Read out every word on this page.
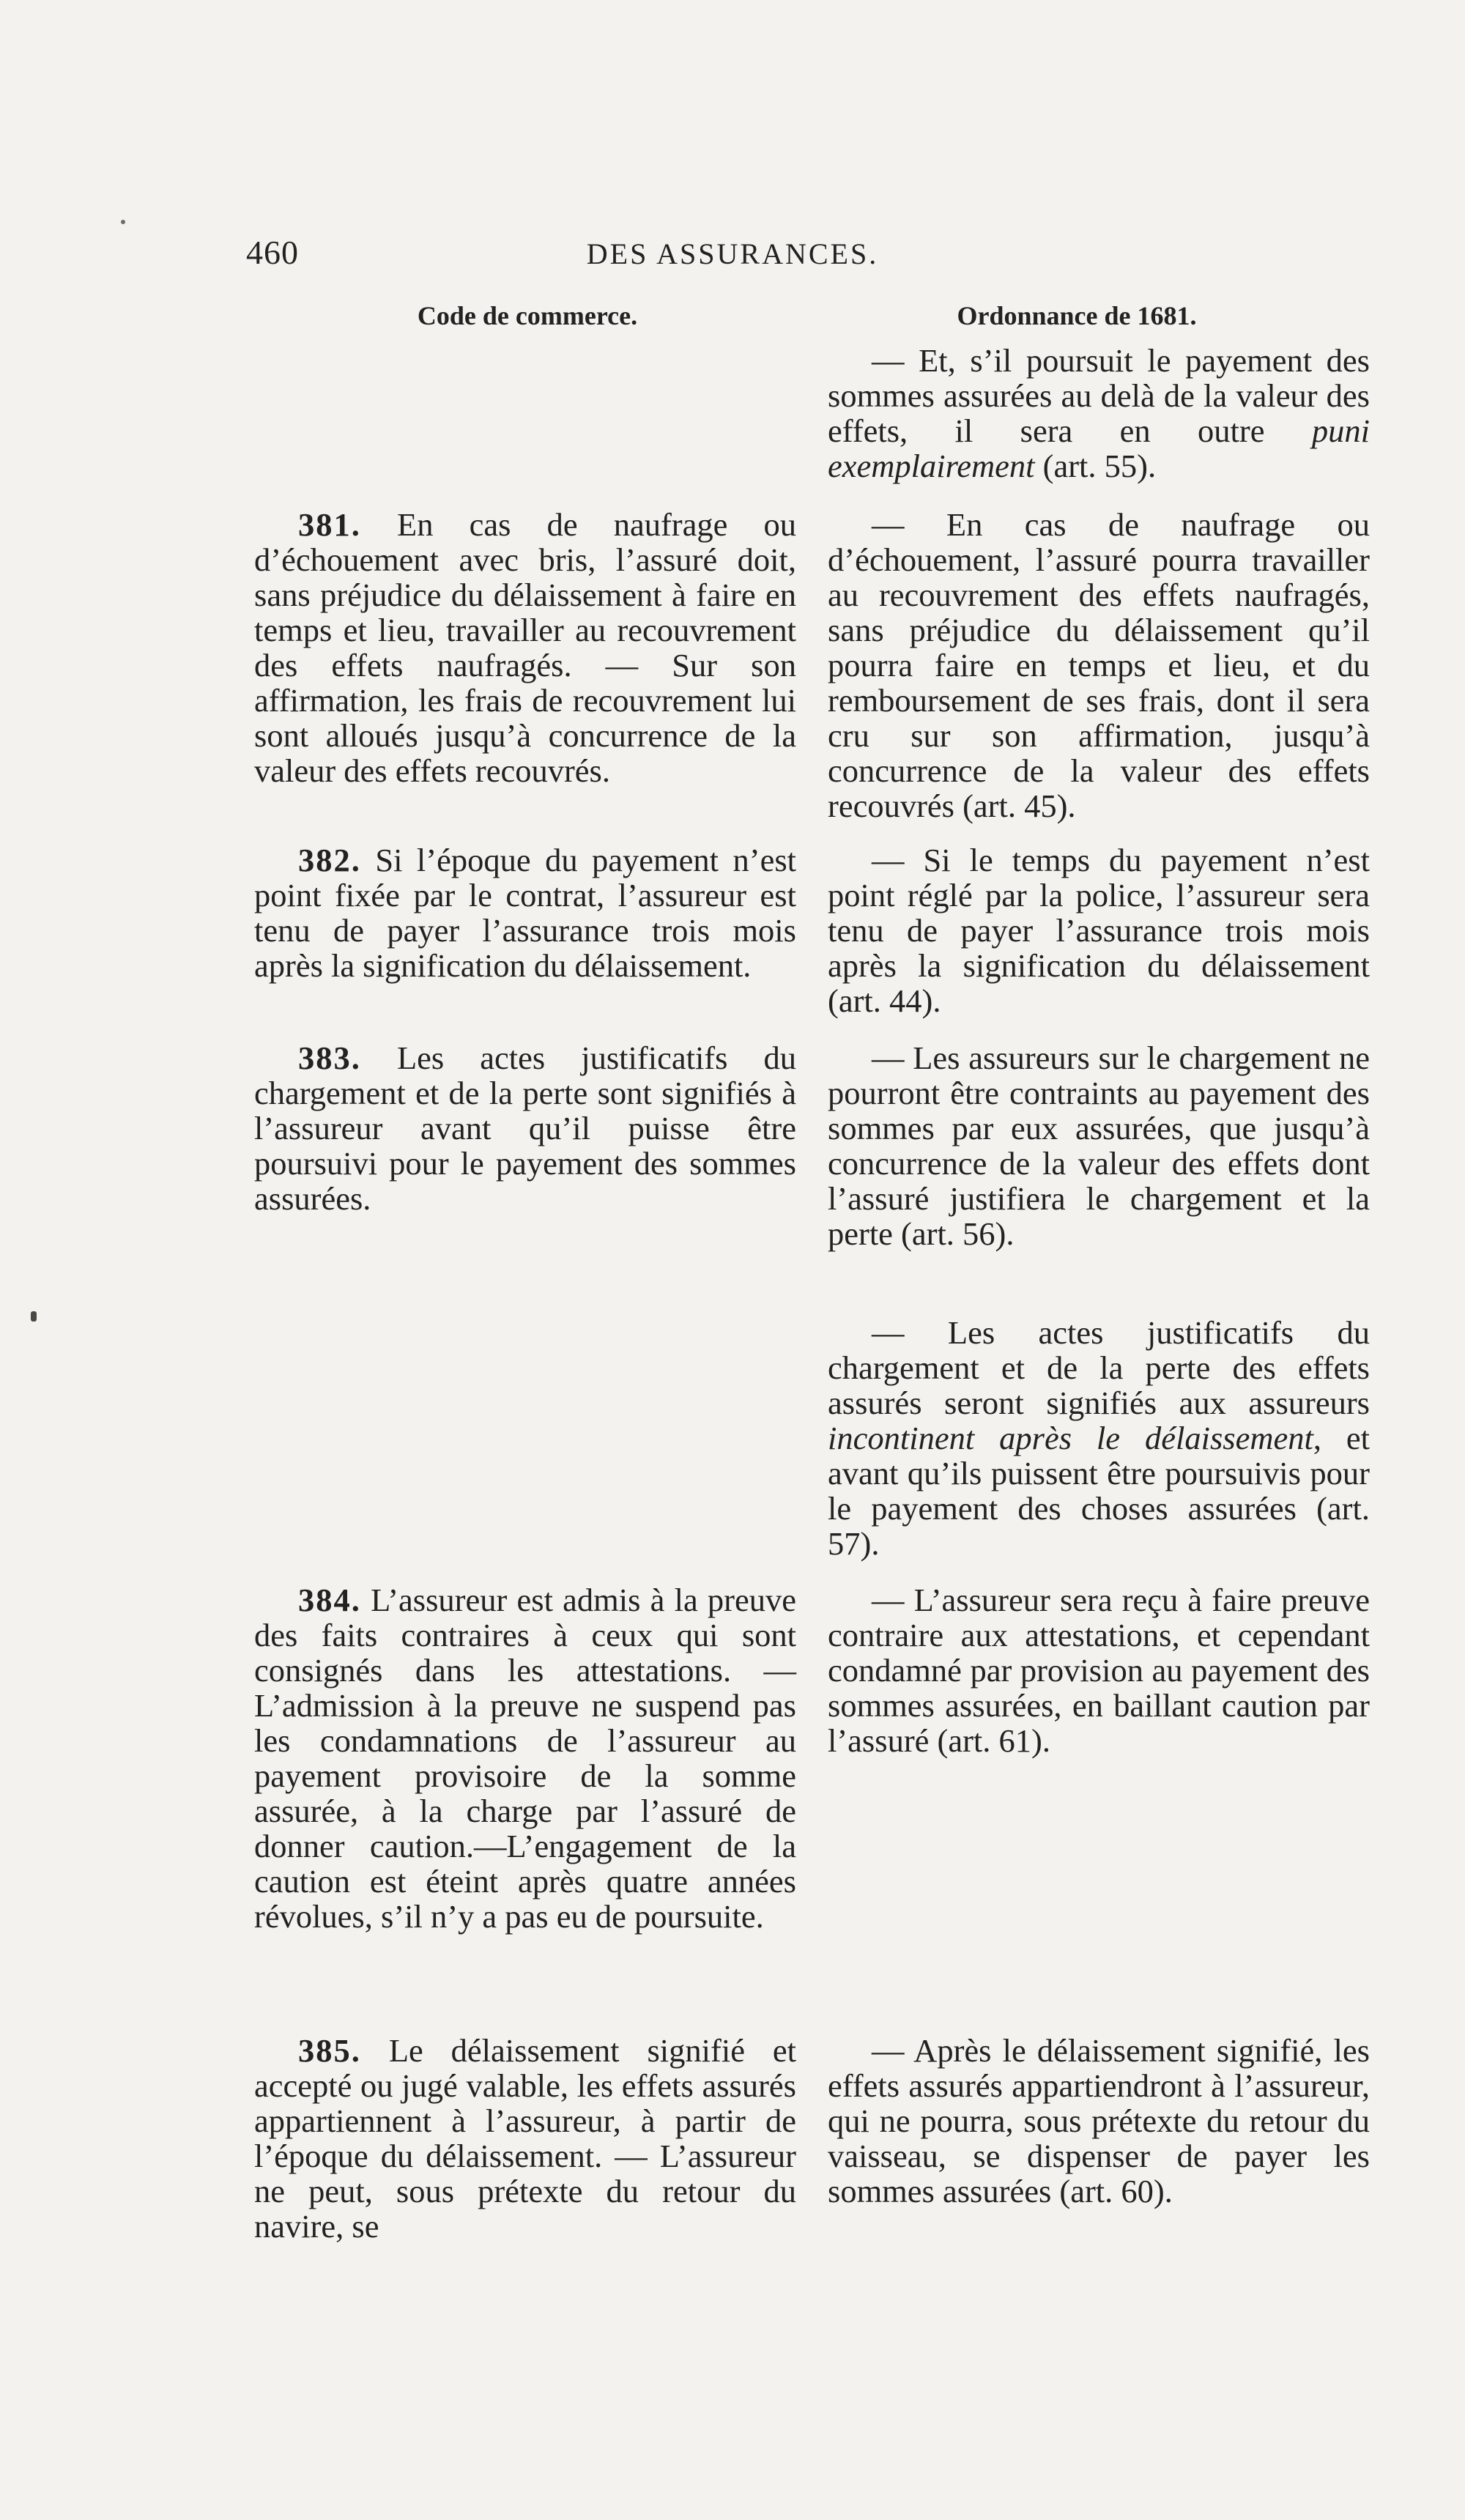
460	DES ASSURANCES.
Code de commerce.	Ordonnance de 1681.

381. En cas de naufrage ou d’échouement avec bris, l’assuré doit, sans préjudice du délaissement à faire en temps et lieu, travailler au recouvrement des effets naufragés. — Sur son affirmation, les frais de recouvrement lui sont alloués jusqu’à concurrence de la valeur des effets recouvrés.

382. Si l’époque du payement n’est point fixée par le contrat, l’assureur est tenu de payer l’assurance trois mois après la signification du délaissement.

383. Les actes justificatifs du chargement et de la perte sont signifiés à l’assureur avant qu’il puisse être poursuivi pour le payement des sommes assurées.

384. L’assureur est admis à la preuve des faits contraires à ceux qui sont consignés dans les attestations. — L’admission à la preuve ne suspend pas les condamnations de l’assureur au payement provisoire de la somme assurée, à la charge par l’assuré de donner caution.—L’engagement de la caution est éteint après quatre années révolues, s’il n’y a pas eu de poursuite.

385. Le délaissement signifié et accepté ou jugé valable, les effets assurés appartiennent à l’assureur, à partir de l’époque du délaissement. — L’assureur ne peut, sous prétexte du retour du navire, se

— Et, s’il poursuit le payement des sommes assurées au delà de la valeur des effets, il sera en outre puni exemplairement (art. 55).

— En cas de naufrage ou d’échouement, l’assuré pourra travailler au recouvrement des effets naufragés, sans préjudice du délaissement qu’il pourra faire en temps et lieu, et du remboursement de ses frais, dont il sera cru sur son affirmation, jusqu’à concurrence de la valeur des effets recouvrés (art. 45).

— Si le temps du payement n’est point réglé par la police, l’assureur sera tenu de payer l’assurance trois mois après la signification du délaissement (art. 44).

— Les assureurs sur le chargement ne pourront être contraints au payement des sommes par eux assurées, que jusqu’à concurrence de la valeur des effets dont l’assuré justifiera le chargement et la perte (art. 56).

— Les actes justificatifs du chargement et de la perte des effets assurés seront signifiés aux assureurs incontinent après le délaissement, et avant qu’ils puissent être poursuivis pour le payement des choses assurées (art. 57).

— L’assureur sera reçu à faire preuve contraire aux attestations, et cependant condamné par provision au payement des sommes assurées, en baillant caution par l’assuré (art. 61).

— Après le délaissement signifié, les effets assurés appartiendront à l’assureur, qui ne pourra, sous prétexte du retour du vaisseau, se dispenser de payer les sommes assurées (art. 60).
